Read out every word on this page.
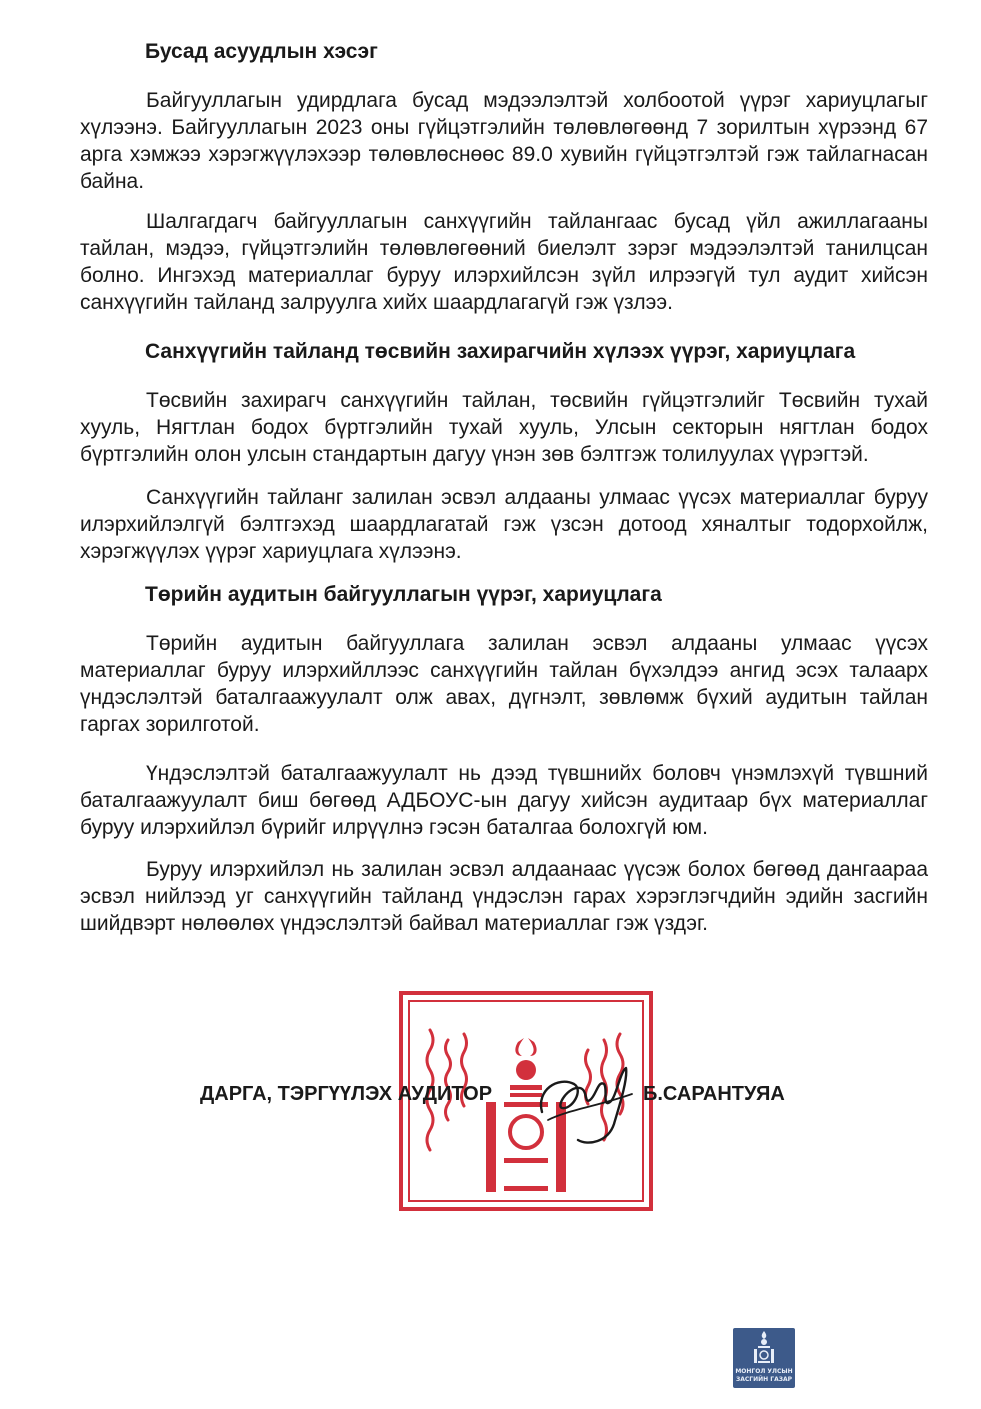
Бусад асуудлын хэсэг

Байгууллагын удирдлага бусад мэдээлэлтэй холбоотой үүрэг хариуцлагыг хүлээнэ. Байгууллагын 2023 оны гүйцэтгэлийн төлөвлөгөөнд 7 зорилтын хүрээнд 67 арга хэмжээ хэрэгжүүлэхээр төлөвлөснөөс 89.0 хувийн гүйцэтгэлтэй гэж тайлагнасан байна.

Шалгагдагч байгууллагын санхүүгийн тайлангаас бусад үйл ажиллагааны тайлан, мэдээ, гүйцэтгэлийн төлөвлөгөөний биелэлт зэрэг мэдээлэлтэй танилцсан болно. Ингэхэд материаллаг буруу илэрхийлсэн зүйл илрээгүй тул аудит хийсэн санхүүгийн тайланд залруулга хийх шаардлагагүй гэж үзлээ.

Санхүүгийн тайланд төсвийн захирагчийн хүлээх үүрэг, хариуцлага

Төсвийн захирагч санхүүгийн тайлан, төсвийн гүйцэтгэлийг Төсвийн тухай хууль, Нягтлан бодох бүртгэлийн тухай хууль, Улсын секторын нягтлан бодох бүртгэлийн олон улсын стандартын дагуу үнэн зөв бэлтгэж толилуулах үүрэгтэй.

Санхүүгийн тайланг залилан эсвэл алдааны улмаас үүсэх материаллаг буруу илэрхийлэлгүй бэлтгэхэд шаардлагатай гэж үзсэн дотоод хяналтыг тодорхойлж, хэрэгжүүлэх үүрэг хариуцлага хүлээнэ.

Төрийн аудитын байгууллагын үүрэг, хариуцлага

Төрийн аудитын байгууллага залилан эсвэл алдааны улмаас үүсэх материаллаг буруу илэрхийллээс санхүүгийн тайлан бүхэлдээ ангид эсэх талаарх үндэслэлтэй баталгаажуулалт олж авах, дүгнэлт, зөвлөмж бүхий аудитын тайлан гаргах зорилготой.

Үндэслэлтэй баталгаажуулалт нь дээд түвшнийх боловч үнэмлэхүй түвшний баталгаажуулалт биш бөгөөд АДБОУС-ын дагуу хийсэн аудитаар бүх материаллаг буруу илэрхийлэл бүрийг илрүүлнэ гэсэн баталгаа болохгүй юм.

Буруу илэрхийлэл нь залилан эсвэл алдаанаас үүсэж болох бөгөөд дангаараа эсвэл нийлээд уг санхүүгийн тайланд үндэслэн гарах хэрэглэгчдийн эдийн засгийн шийдвэрт нөлөөлөх үндэслэлтэй байвал материаллаг гэж үздэг.

ДАРГА, ТЭРГҮҮЛЭХ АУДИТОР	Б.САРАНТУЯА
МОНГОЛ УЛСЫН
ЗАСГИЙН ГАЗАР
